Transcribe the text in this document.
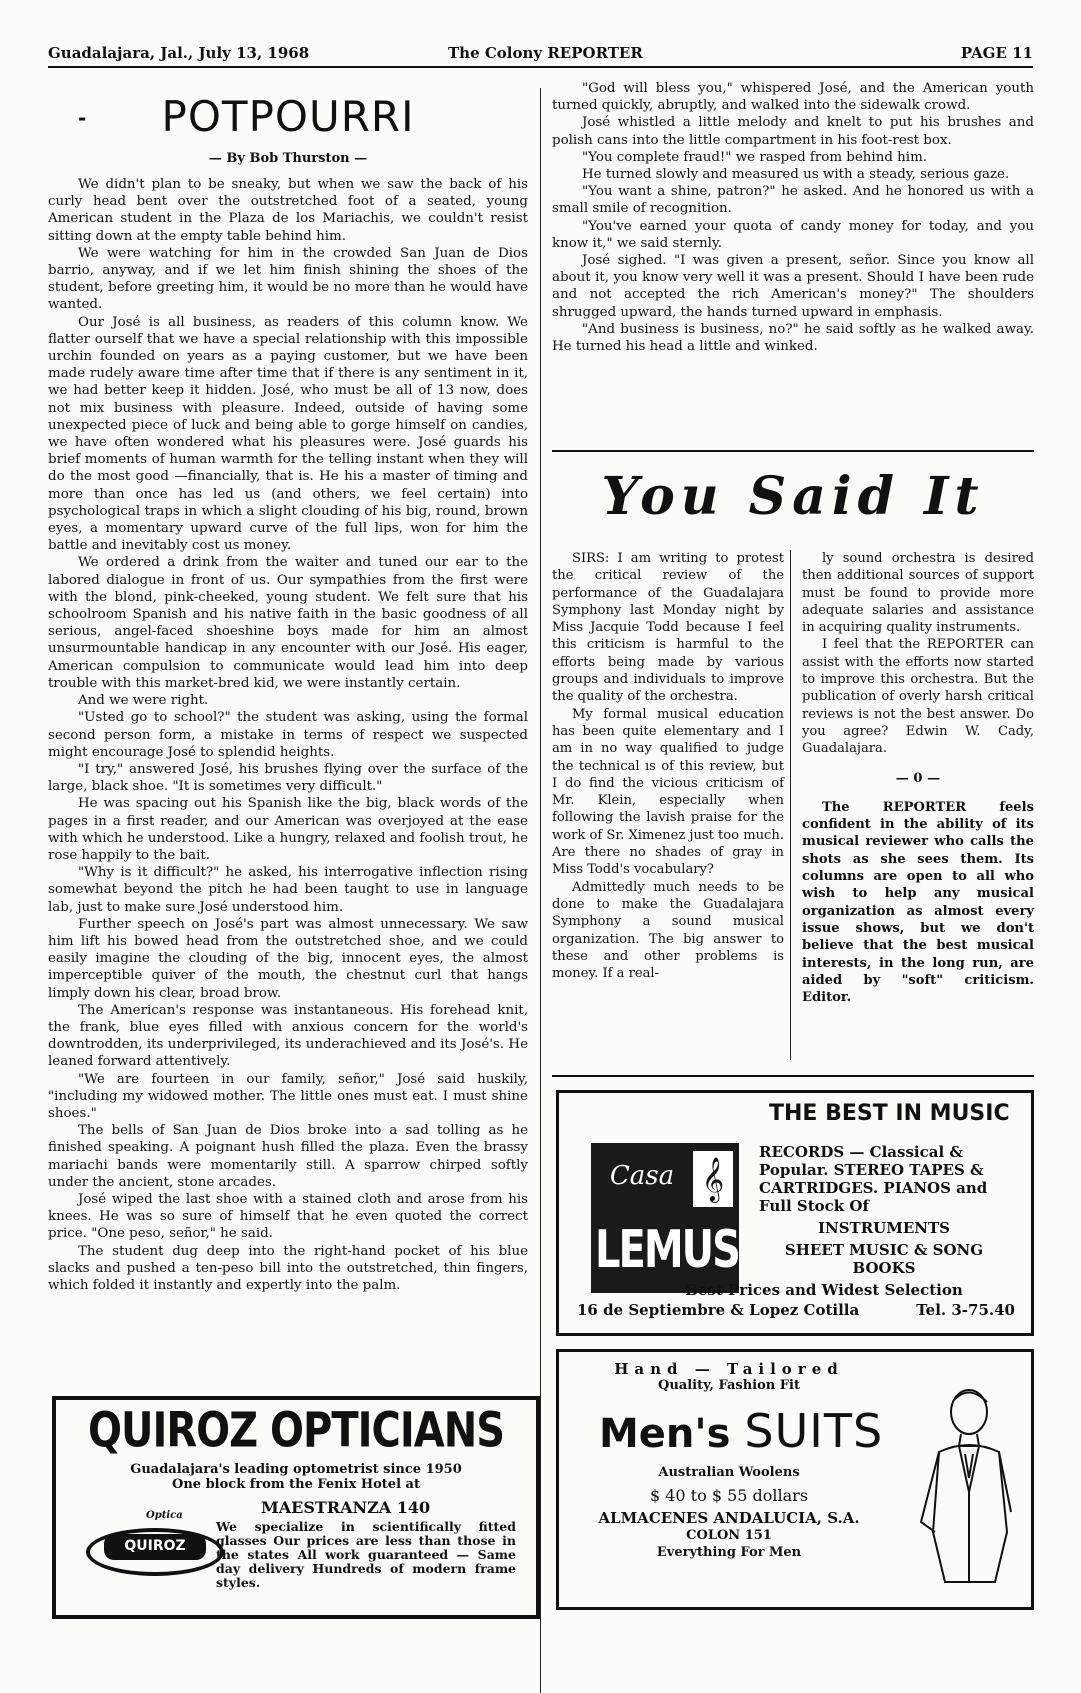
Guadalajara, Jal., July 13, 1968	The Colony REPORTER	PAGE 11
- POTPOURRI
— By Bob Thurston —

We didn't plan to be sneaky, but when we saw the back of his curly head bent over the outstretched foot of a seated, young American student in the Plaza de los Mariachis, we couldn't resist sitting down at the empty table behind him.

We were watching for him in the crowded San Juan de Dios barrio, anyway, and if we let him finish shining the shoes of the student, before greeting him, it would be no more than he would have wanted.

Our José is all business, as readers of this column know. We flatter ourself that we have a special relationship with this impossible urchin founded on years as a paying customer, but we have been made rudely aware time after time that if there is any sentiment in it, we had better keep it hidden. José, who must be all of 13 now, does not mix business with pleasure. Indeed, outside of having some unexpected piece of luck and being able to gorge himself on candies, we have often wondered what his pleasures were. José guards his brief moments of human warmth for the telling instant when they will do the most good —financially, that is. He his a master of timing and more than once has led us (and others, we feel certain) into psychological traps in which a slight clouding of his big, round, brown eyes, a momentary upward curve of the full lips, won for him the battle and inevitably cost us money.

We ordered a drink from the waiter and tuned our ear to the labored dialogue in front of us. Our sympathies from the first were with the blond, pink-cheeked, young student. We felt sure that his schoolroom Spanish and his native faith in the basic goodness of all serious, angel-faced shoeshine boys made for him an almost unsurmountable handicap in any encounter with our José. His eager, American compulsion to communicate would lead him into deep trouble with this market-bred kid, we were instantly certain.

And we were right.

"Usted go to school?" the student was asking, using the formal second person form, a mistake in terms of respect we suspected might encourage José to splendid heights.

"I try," answered José, his brushes flying over the surface of the large, black shoe. "It is sometimes very difficult."

He was spacing out his Spanish like the big, black words of the pages in a first reader, and our American was overjoyed at the ease with which he understood. Like a hungry, relaxed and foolish trout, he rose happily to the bait.

"Why is it difficult?" he asked, his interrogative inflection rising somewhat beyond the pitch he had been taught to use in language lab, just to make sure José understood him.

Further speech on José's part was almost unnecessary. We saw him lift his bowed head from the outstretched shoe, and we could easily imagine the clouding of the big, innocent eyes, the almost imperceptible quiver of the mouth, the chestnut curl that hangs limply down his clear, broad brow.

The American's response was instantaneous. His forehead knit, the frank, blue eyes filled with anxious concern for the world's downtrodden, its underprivileged, its underachieved and its José's. He leaned forward attentively.

"We are fourteen in our family, señor," José said huskily, "including my widowed mother. The little ones must eat. I must shine shoes."

The bells of San Juan de Dios broke into a sad tolling as he finished speaking. A poignant hush filled the plaza. Even the brassy mariachi bands were momentarily still. A sparrow chirped softly under the ancient, stone arcades.

José wiped the last shoe with a stained cloth and arose from his knees. He was so sure of himself that he even quoted the correct price. "One peso, señor," he said.

The student dug deep into the right-hand pocket of his blue slacks and pushed a ten-peso bill into the outstretched, thin fingers, which folded it instantly and expertly into the palm.

"God will bless you," whispered José, and the American youth turned quickly, abruptly, and walked into the sidewalk crowd.

José whistled a little melody and knelt to put his brushes and polish cans into the little compartment in his foot-rest box.

"You complete fraud!" we rasped from behind him.

He turned slowly and measured us with a steady, serious gaze.

"You want a shine, patron?" he asked. And he honored us with a small smile of recognition.

"You've earned your quota of candy money for today, and you know it," we said sternly.

José sighed. "I was given a present, señor. Since you know all about it, you know very well it was a present. Should I have been rude and not accepted the rich American's money?" The shoulders shrugged upward, the hands turned upward in emphasis.

"And business is business, no?" he said softly as he walked away. He turned his head a little and winked.

You Said It

SIRS: I am writing to protest the critical review of the performance of the Guadalajara Symphony last Monday night by Miss Jacquie Todd because I feel this criticism is harmful to the efforts being made by various groups and individuals to improve the quality of the orchestra.

My formal musical education has been quite elementary and I am in no way qualified to judge the technical ıs of this review, but I do find the vicious criticism of Mr. Klein, especially when following the lavish praise for the work of Sr. Ximenez just too much. Are there no shades of gray in Miss Todd's vocabulary?

Admittedly much needs to be done to make the Guadalajara Symphony a sound musical organization. The big answer to these and other problems is money. If a real-

ly sound orchestra is desired then additional sources of support must be found to provide more adequate salaries and assistance in acquiring quality instruments.

I feel that the REPORTER can assist with the efforts now started to improve this orchestra. But the publication of overly harsh critical reviews is not the best answer. Do you agree? Edwin W. Cady, Guadalajara.

— 0 —

The REPORTER feels confident in the ability of its musical reviewer who calls the shots as she sees them. Its columns are open to all who wish to help any musical organization as almost every issue shows, but we don't believe that the best musical interests, in the long run, are aided by "soft" criticism. Editor.

THE BEST IN MUSIC
Casa 𝄞
LEMUS
RECORDS — Classical & Popular. STEREO TAPES & CARTRIDGES. PIANOS and Full Stock Of
INSTRUMENTS
SHEET MUSIC & SONG BOOKS
Best Prices and Widest Selection
16 de Septiembre & Lopez Cotilla	Tel. 3-75.40
Hand — Tailored
Quality, Fashion Fit
Men's SUITS
Australian Woolens
$ 40 to $ 55 dollars
ALMACENES ANDALUCIA, S.A.
COLON 151
Everything For Men
QUIROZ OPTICIANS
Guadalajara's leading optometrist since 1950
One block from the Fenix Hotel at
MAESTRANZA 140
Optica
QUIROZ
We specialize in scientifically fitted glasses Our prices are less than those in the states All work guaranteed — Same day delivery Hundreds of modern frame styles.
